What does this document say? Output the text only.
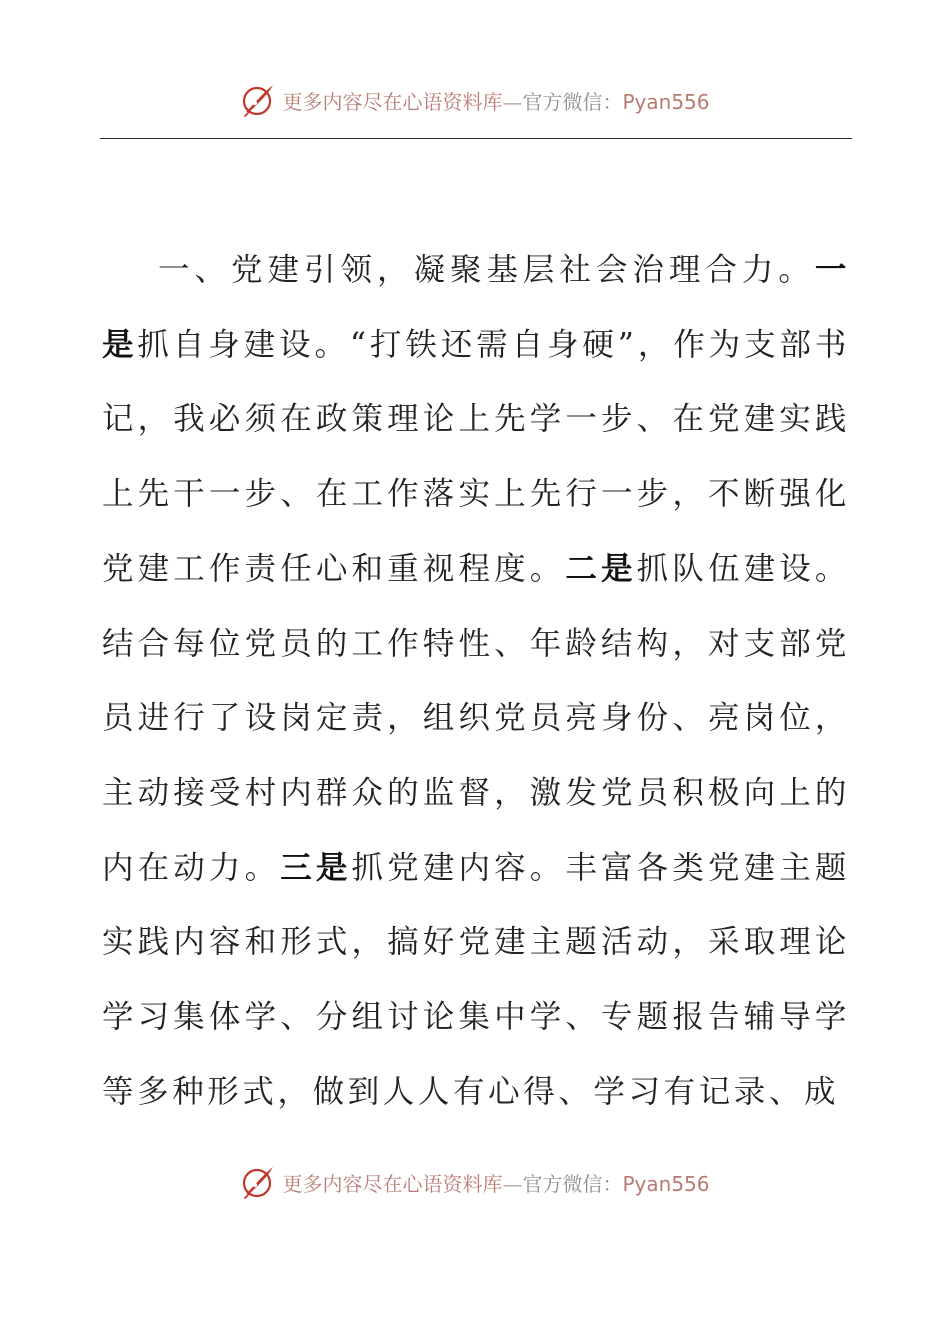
更多内容尽在心语资料库—官方微信：Pyan556

一、党建引领，凝聚基层社会治理合力。一是抓自身建设。“打铁还需自身硬”，作为支部书记，我必须在政策理论上先学一步、在党建实践上先干一步、在工作落实上先行一步，不断强化党建工作责任心和重视程度。二是抓队伍建设。结合每位党员的工作特性、年龄结构，对支部党员进行了设岗定责，组织党员亮身份、亮岗位，主动接受村内群众的监督，激发党员积极向上的内在动力。三是抓党建内容。丰富各类党建主题实践内容和形式，搞好党建主题活动，采取理论学习集体学、分组讨论集中学、专题报告辅导学等多种形式，做到人人有心得、学习有记录、成

更多内容尽在心语资料库—官方微信：Pyan556
